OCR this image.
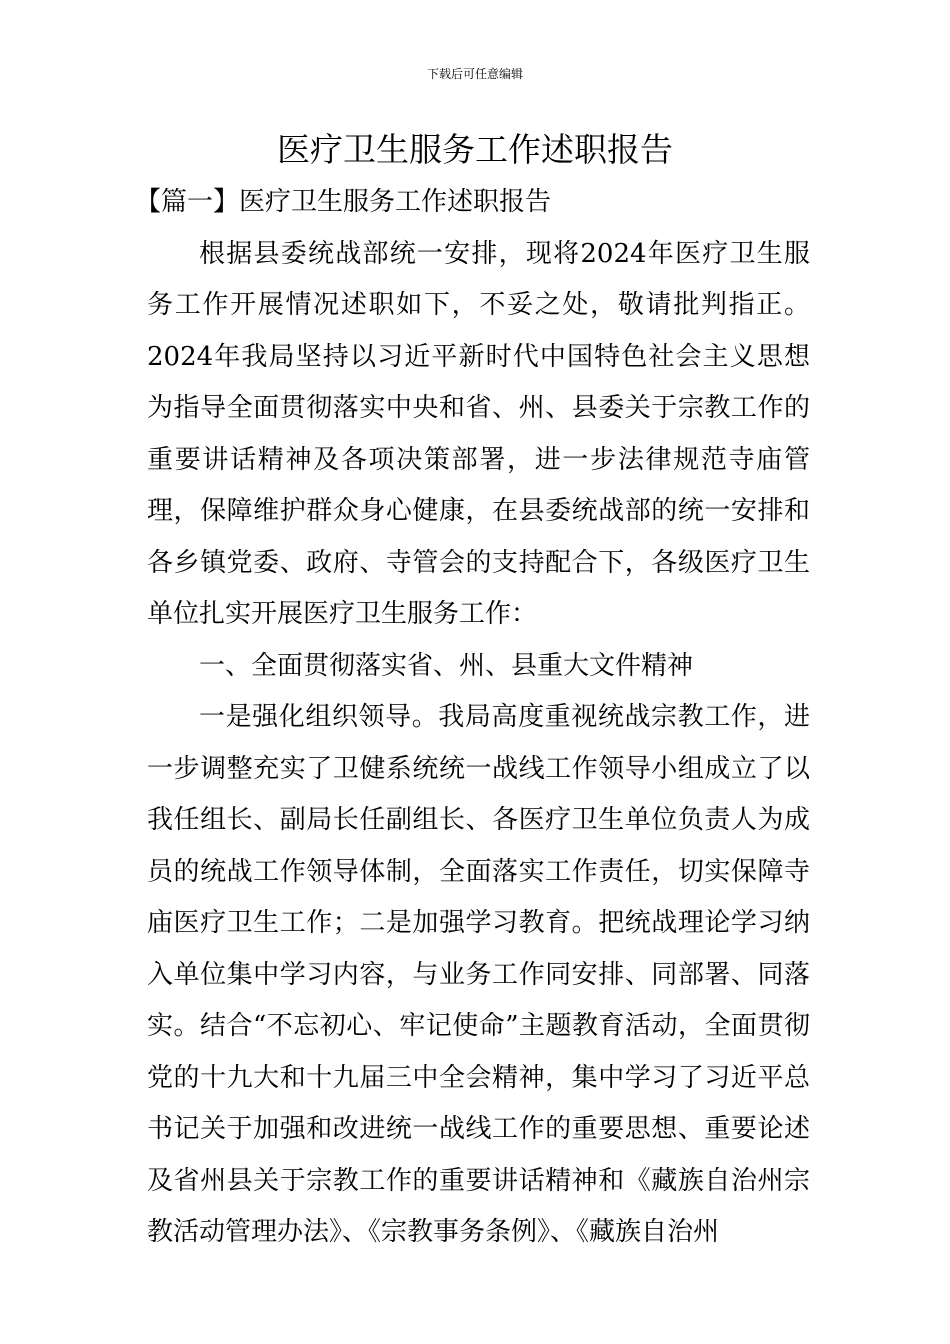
下载后可任意编辑
医疗卫生服务工作述职报告

【篇一】医疗卫生服务工作述职报告

根据县委统战部统一安排，现将2024年医疗卫生服务工作开展情况述职如下，不妥之处，敬请批判指正。2024年我局坚持以习近平新时代中国特色社会主义思想为指导全面贯彻落实中央和省、州、县委关于宗教工作的重要讲话精神及各项决策部署，进一步法律规范寺庙管理，保障维护群众身心健康，在县委统战部的统一安排和各乡镇党委、政府、寺管会的支持配合下，各级医疗卫生单位扎实开展医疗卫生服务工作：

一、全面贯彻落实省、州、县重大文件精神

一是强化组织领导。我局高度重视统战宗教工作，进一步调整充实了卫健系统统一战线工作领导小组成立了以我任组长、副局长任副组长、各医疗卫生单位负责人为成员的统战工作领导体制，全面落实工作责任，切实保障寺庙医疗卫生工作；二是加强学习教育。把统战理论学习纳入单位集中学习内容，与业务工作同安排、同部署、同落实。结合“不忘初心、牢记使命”主题教育活动，全面贯彻党的十九大和十九届三中全会精神，集中学习了习近平总书记关于加强和改进统一战线工作的重要思想、重要论述及省州县关于宗教工作的重要讲话精神和《藏族自治州宗教活动管理办法》、《宗教事务条例》、《藏族自治州
